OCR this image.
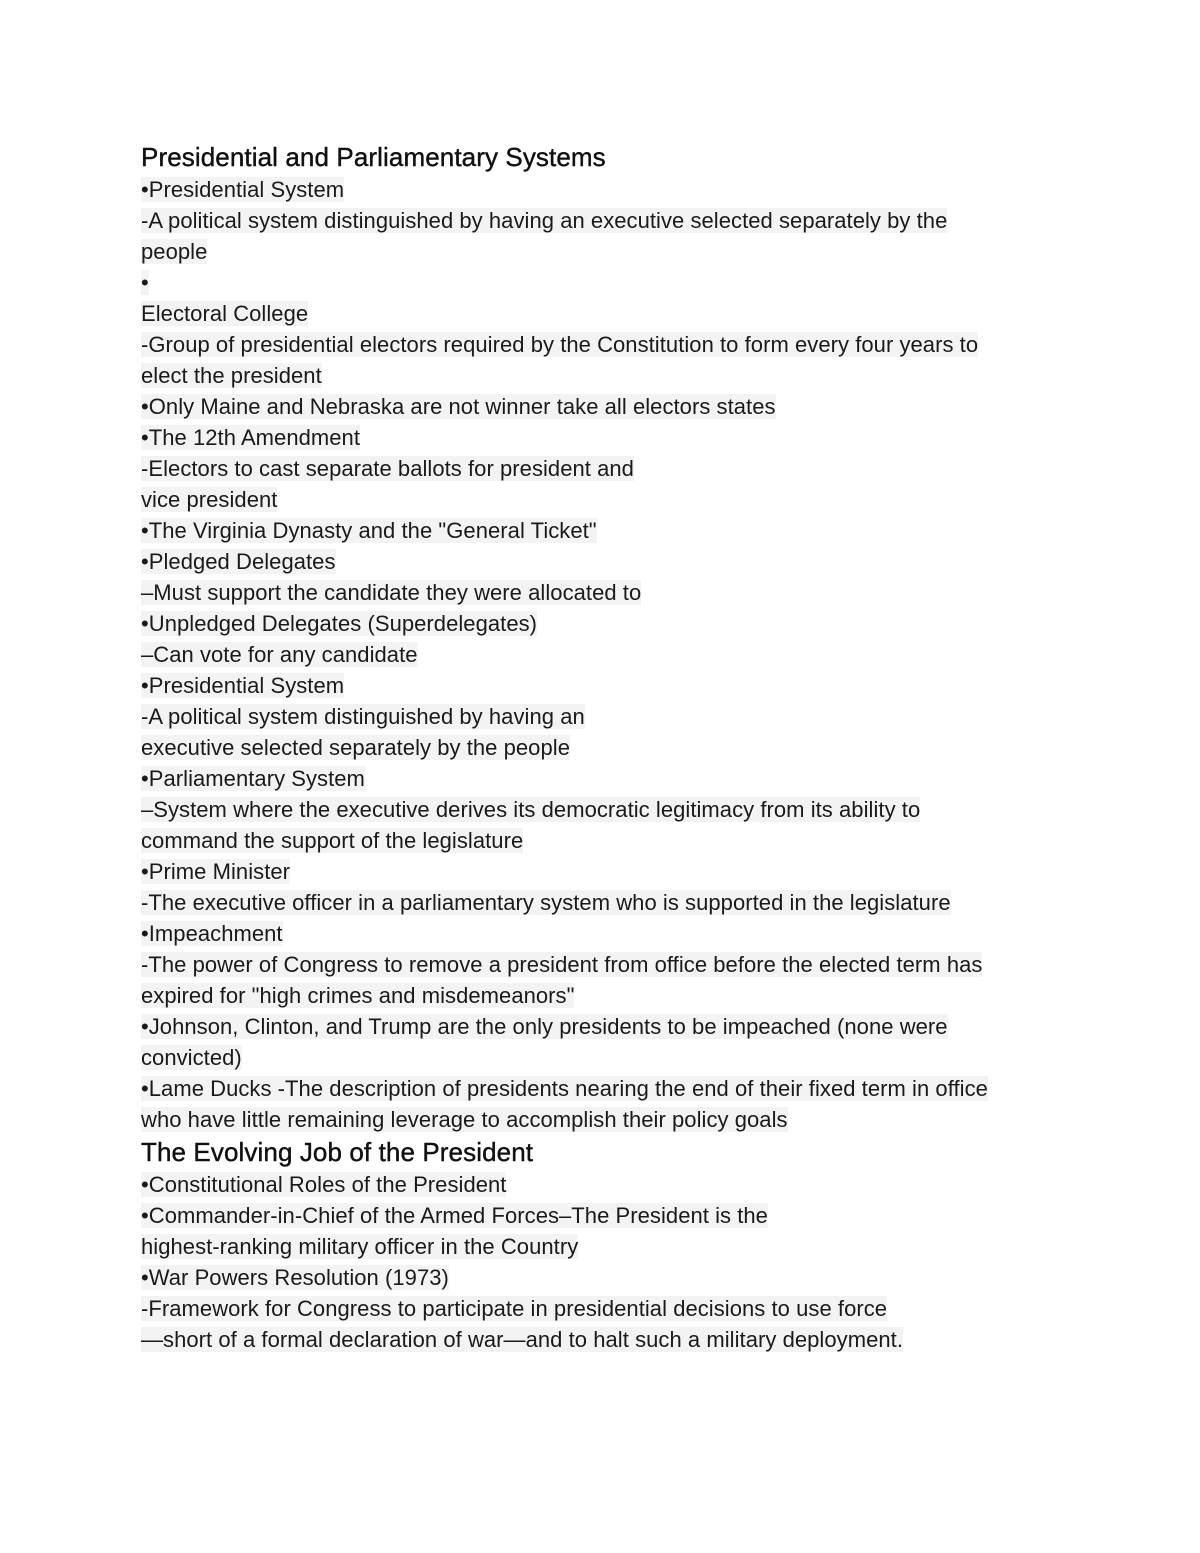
Presidential and Parliamentary Systems
•Presidential System
-A political system distinguished by having an executive selected separately by the
people
•
Electoral College
-Group of presidential electors required by the Constitution to form every four years to
elect the president
•Only Maine and Nebraska are not winner take all electors states
•The 12th Amendment
-Electors to cast separate ballots for president and
vice president
•The Virginia Dynasty and the "General Ticket"
•Pledged Delegates
–Must support the candidate they were allocated to
•Unpledged Delegates (Superdelegates)
–Can vote for any candidate
•Presidential System
-A political system distinguished by having an
executive selected separately by the people
•Parliamentary System
–System where the executive derives its democratic legitimacy from its ability to
command the support of the legislature
•Prime Minister
-The executive officer in a parliamentary system who is supported in the legislature
•Impeachment
-The power of Congress to remove a president from office before the elected term has
expired for "high crimes and misdemeanors"
•Johnson, Clinton, and Trump are the only presidents to be impeached (none were
convicted)
•Lame Ducks -The description of presidents nearing the end of their fixed term in office
who have little remaining leverage to accomplish their policy goals
The Evolving Job of the President
•Constitutional Roles of the President
•Commander-in-Chief of the Armed Forces–The President is the
highest-ranking military officer in the Country
•War Powers Resolution (1973)
-Framework for Congress to participate in presidential decisions to use force
—short of a formal declaration of war—and to halt such a military deployment.
